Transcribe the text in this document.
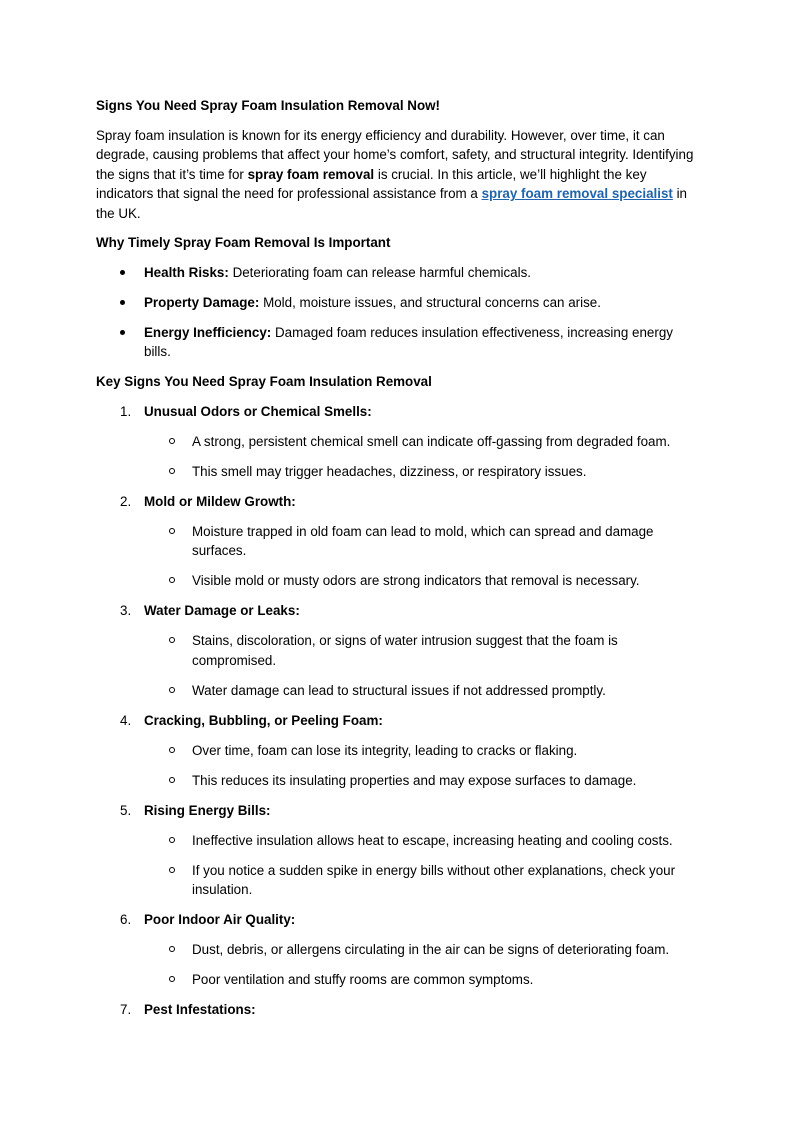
Signs You Need Spray Foam Insulation Removal Now!

Spray foam insulation is known for its energy efficiency and durability. However, over time, it can degrade, causing problems that affect your home’s comfort, safety, and structural integrity. Identifying the signs that it’s time for spray foam removal is crucial. In this article, we’ll highlight the key indicators that signal the need for professional assistance from a spray foam removal specialist in the UK.

Why Timely Spray Foam Removal Is Important
Health Risks: Deteriorating foam can release harmful chemicals.
Property Damage: Mold, moisture issues, and structural concerns can arise.
Energy Inefficiency: Damaged foam reduces insulation effectiveness, increasing energy bills.
Key Signs You Need Spray Foam Insulation Removal
1. Unusual Odors or Chemical Smells:
A strong, persistent chemical smell can indicate off-gassing from degraded foam.
This smell may trigger headaches, dizziness, or respiratory issues.
2. Mold or Mildew Growth:
Moisture trapped in old foam can lead to mold, which can spread and damage surfaces.
Visible mold or musty odors are strong indicators that removal is necessary.
3. Water Damage or Leaks:
Stains, discoloration, or signs of water intrusion suggest that the foam is compromised.
Water damage can lead to structural issues if not addressed promptly.
4. Cracking, Bubbling, or Peeling Foam:
Over time, foam can lose its integrity, leading to cracks or flaking.
This reduces its insulating properties and may expose surfaces to damage.
5. Rising Energy Bills:
Ineffective insulation allows heat to escape, increasing heating and cooling costs.
If you notice a sudden spike in energy bills without other explanations, check your insulation.
6. Poor Indoor Air Quality:
Dust, debris, or allergens circulating in the air can be signs of deteriorating foam.
Poor ventilation and stuffy rooms are common symptoms.
7. Pest Infestations:
